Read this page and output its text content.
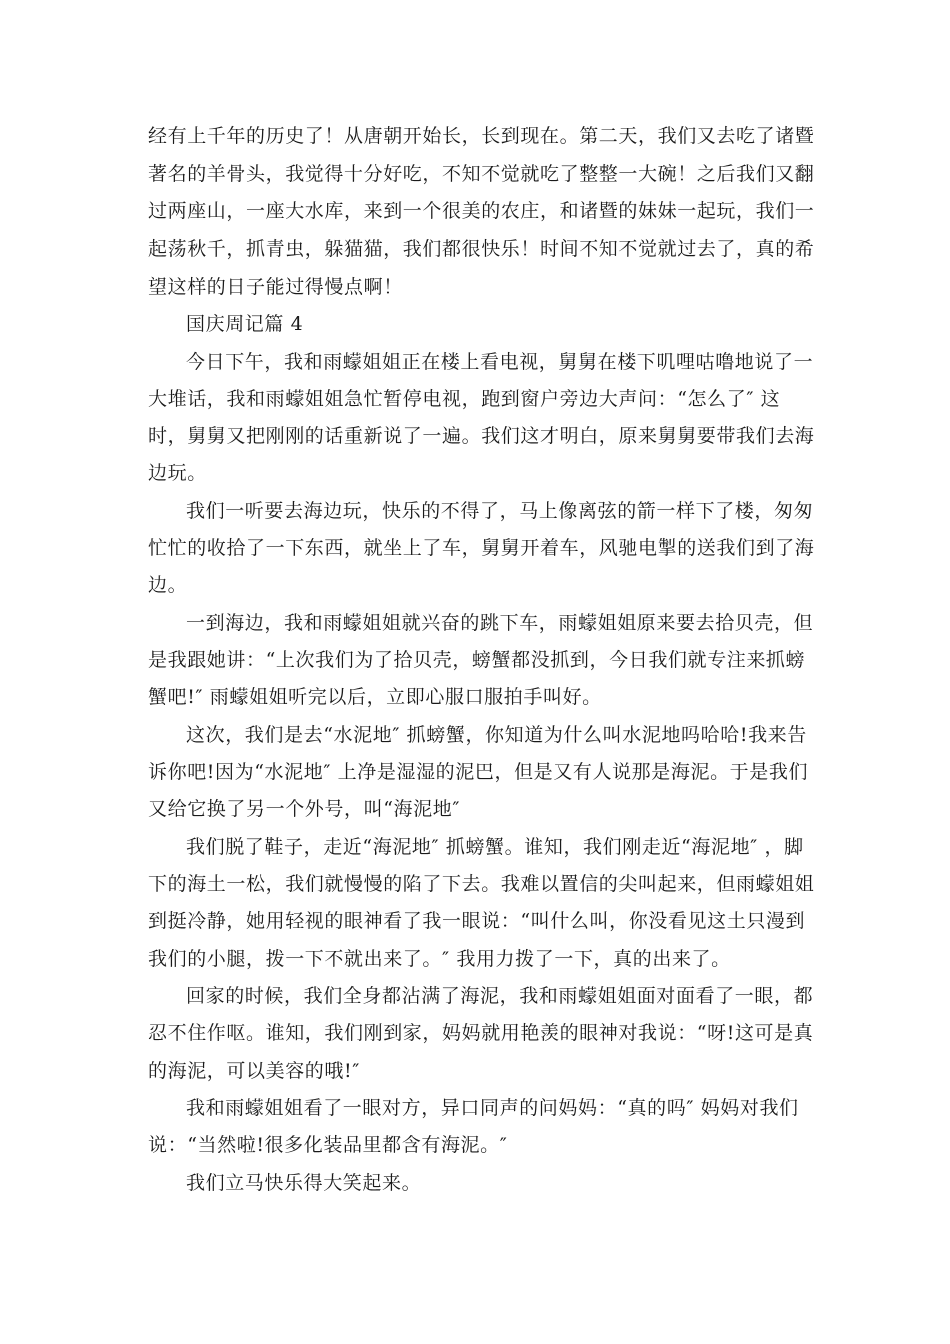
经有上千年的历史了！从唐朝开始长，长到现在。第二天，我们又去吃了诸暨
著名的羊骨头，我觉得十分好吃，不知不觉就吃了整整一大碗！之后我们又翻
过两座山，一座大水库，来到一个很美的农庄，和诸暨的妹妹一起玩，我们一
起荡秋千，抓青虫，躲猫猫，我们都很快乐！时间不知不觉就过去了，真的希
望这样的日子能过得慢点啊！
国庆周记篇 4
今日下午，我和雨蠓姐姐正在楼上看电视，舅舅在楼下叽哩咕噜地说了一
大堆话，我和雨蠓姐姐急忙暂停电视，跑到窗户旁边大声问：“怎么了″ 这
时，舅舅又把刚刚的话重新说了一遍。我们这才明白，原来舅舅要带我们去海
边玩。
我们一听要去海边玩，快乐的不得了，马上像离弦的箭一样下了楼，匆匆
忙忙的收拾了一下东西，就坐上了车，舅舅开着车，风驰电掣的送我们到了海
边。
一到海边，我和雨蠓姐姐就兴奋的跳下车，雨蠓姐姐原来要去拾贝壳，但
是我跟她讲：“上次我们为了拾贝壳，螃蟹都没抓到，今日我们就专注来抓螃
蟹吧!″ 雨蠓姐姐听完以后，立即心服口服拍手叫好。
这次，我们是去“水泥地″ 抓螃蟹，你知道为什么叫水泥地吗哈哈!我来告
诉你吧!因为“水泥地″ 上净是湿湿的泥巴，但是又有人说那是海泥。于是我们
又给它换了另一个外号，叫“海泥地″
我们脱了鞋子，走近“海泥地″ 抓螃蟹。谁知，我们刚走近“海泥地″ ，脚
下的海土一松，我们就慢慢的陷了下去。我难以置信的尖叫起来，但雨蠓姐姐
到挺冷静，她用轻视的眼神看了我一眼说：“叫什么叫，你没看见这土只漫到
我们的小腿，拨一下不就出来了。″ 我用力拨了一下，真的出来了。
回家的时候，我们全身都沾满了海泥，我和雨蠓姐姐面对面看了一眼，都
忍不住作呕。谁知，我们刚到家，妈妈就用艳羡的眼神对我说：“呀!这可是真
的海泥，可以美容的哦!″
我和雨蠓姐姐看了一眼对方，异口同声的问妈妈：“真的吗″ 妈妈对我们
说：“当然啦!很多化装品里都含有海泥。″
我们立马快乐得大笑起来。
